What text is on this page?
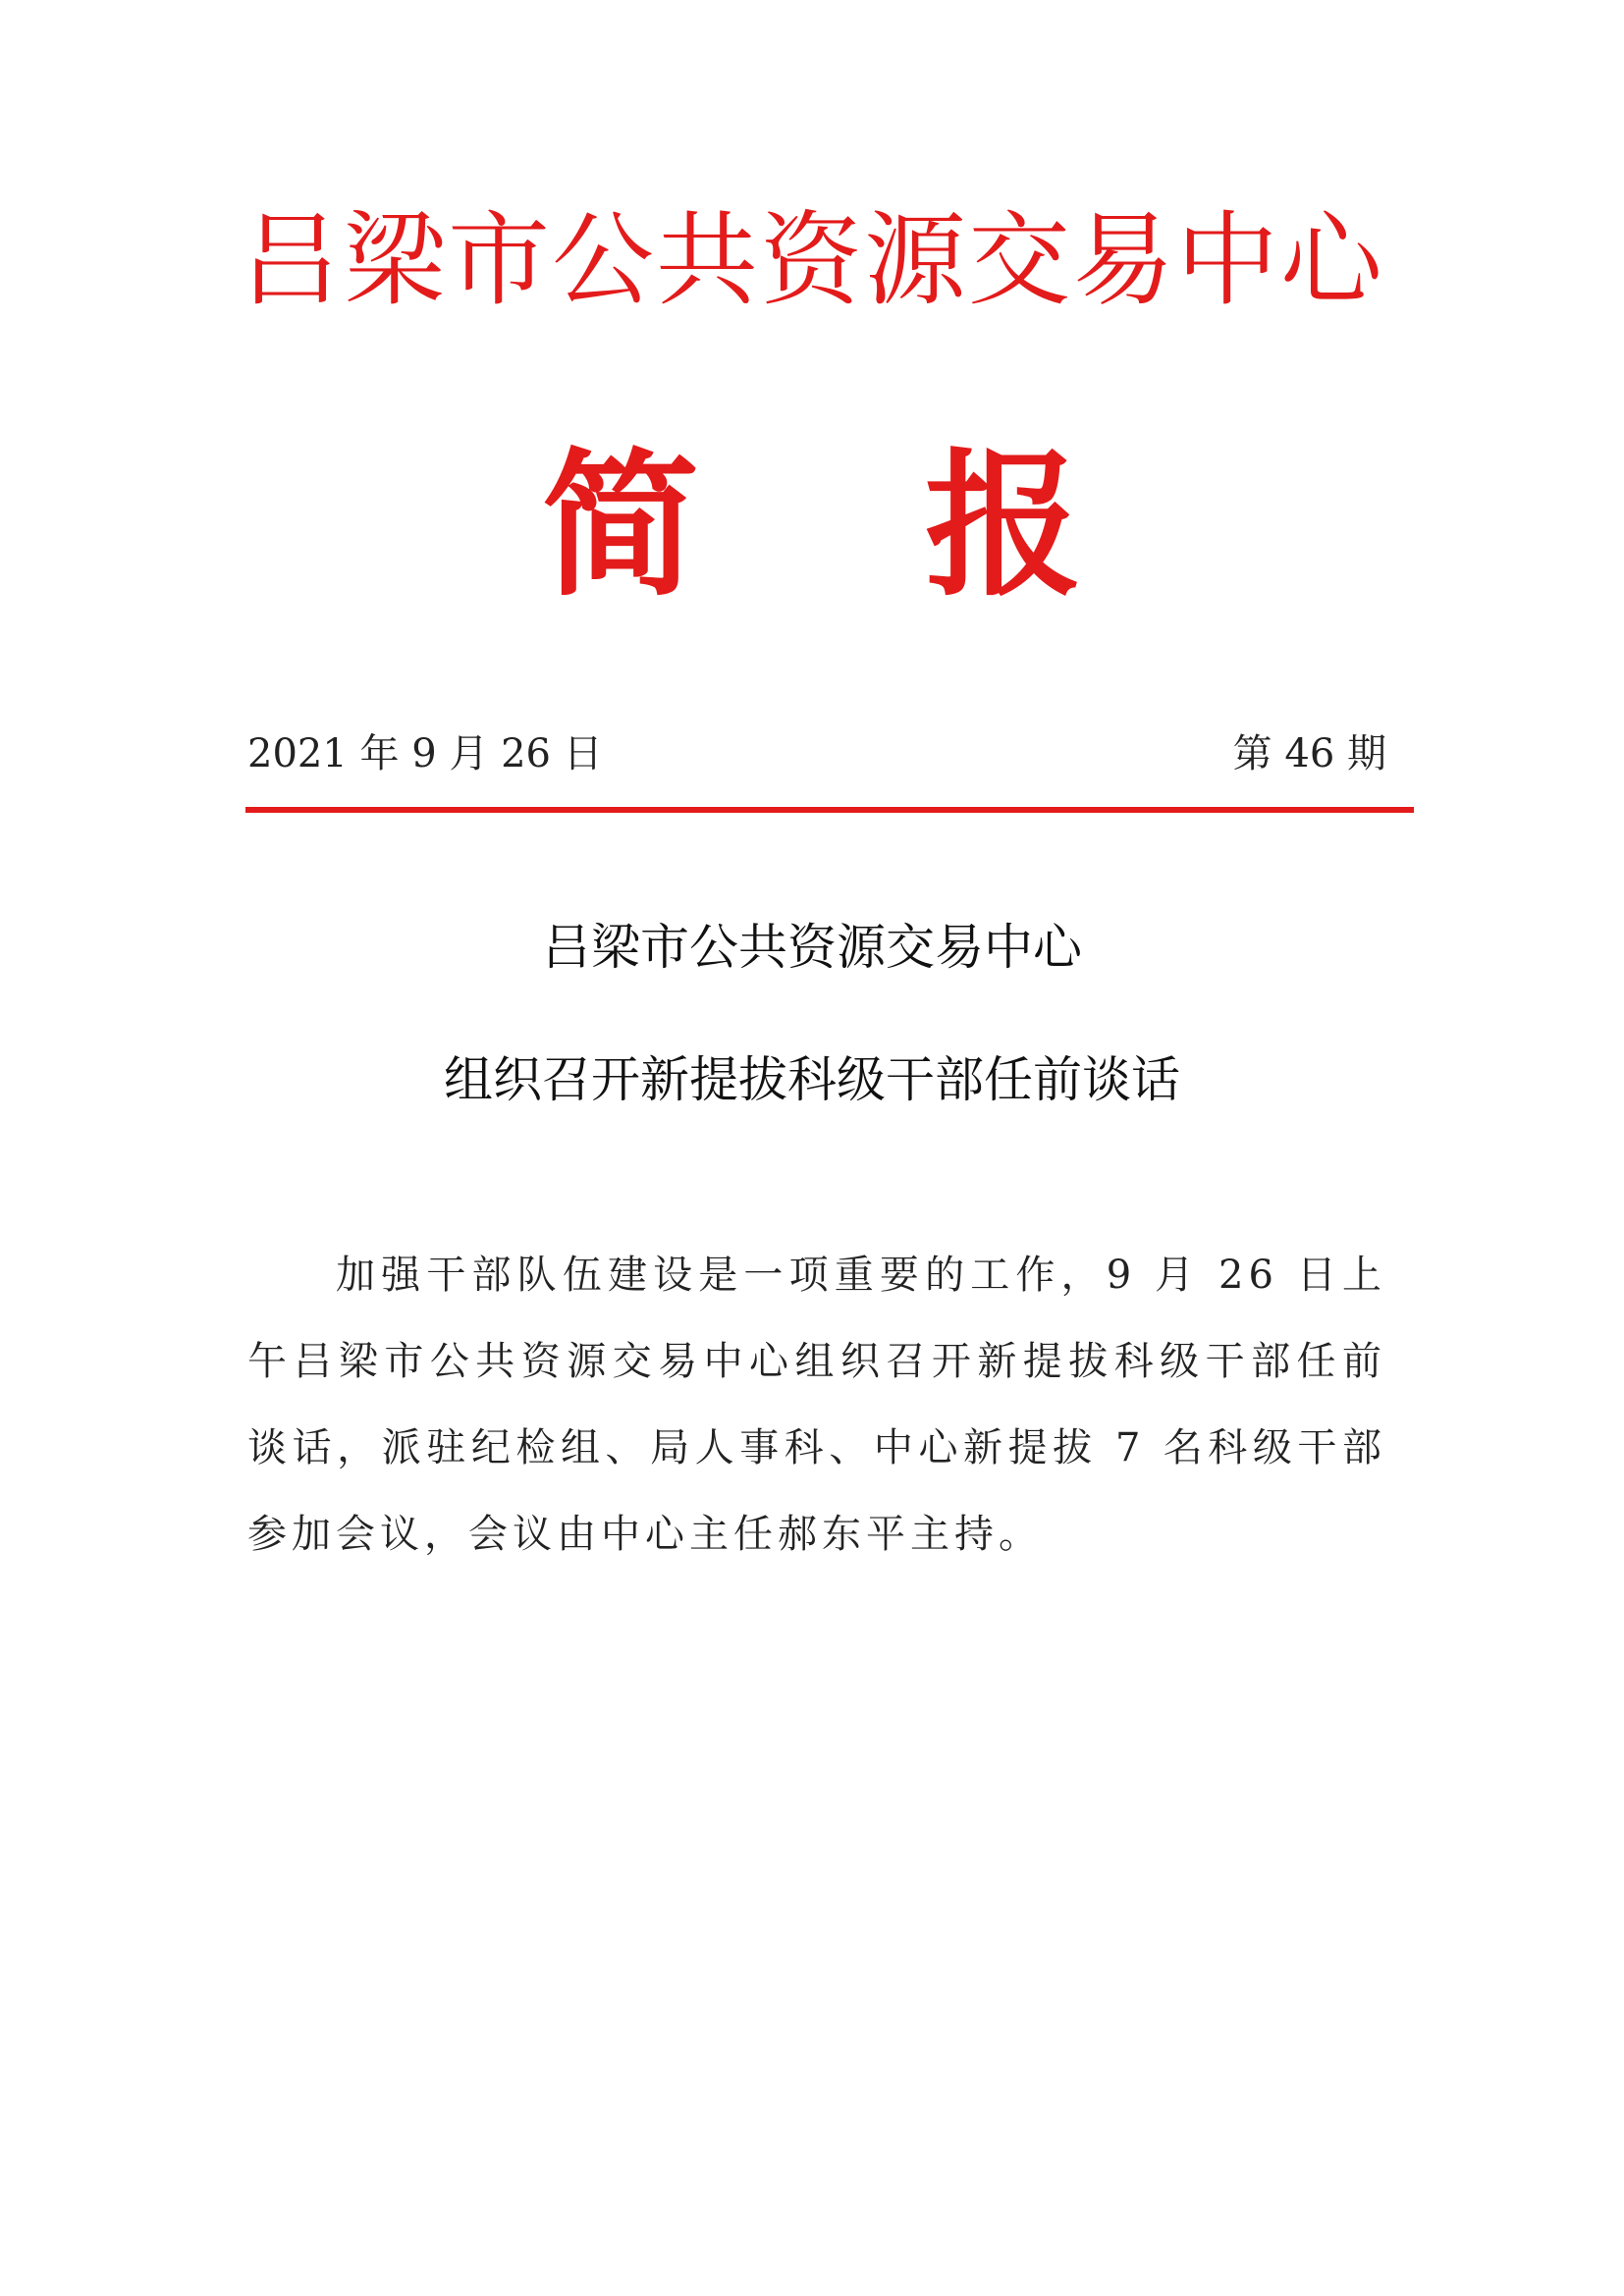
吕梁市公共资源交易中心
简报
2021 年 9 月 26 日	第 46 期
吕梁市公共资源交易中心
组织召开新提拔科级干部任前谈话

加强干部队伍建设是一项重要的工作，9 月 26 日上午吕梁市公共资源交易中心组织召开新提拔科级干部任前谈话，派驻纪检组、局人事科、中心新提拔 7 名科级干部参加会议，会议由中心主任郝东平主持。
